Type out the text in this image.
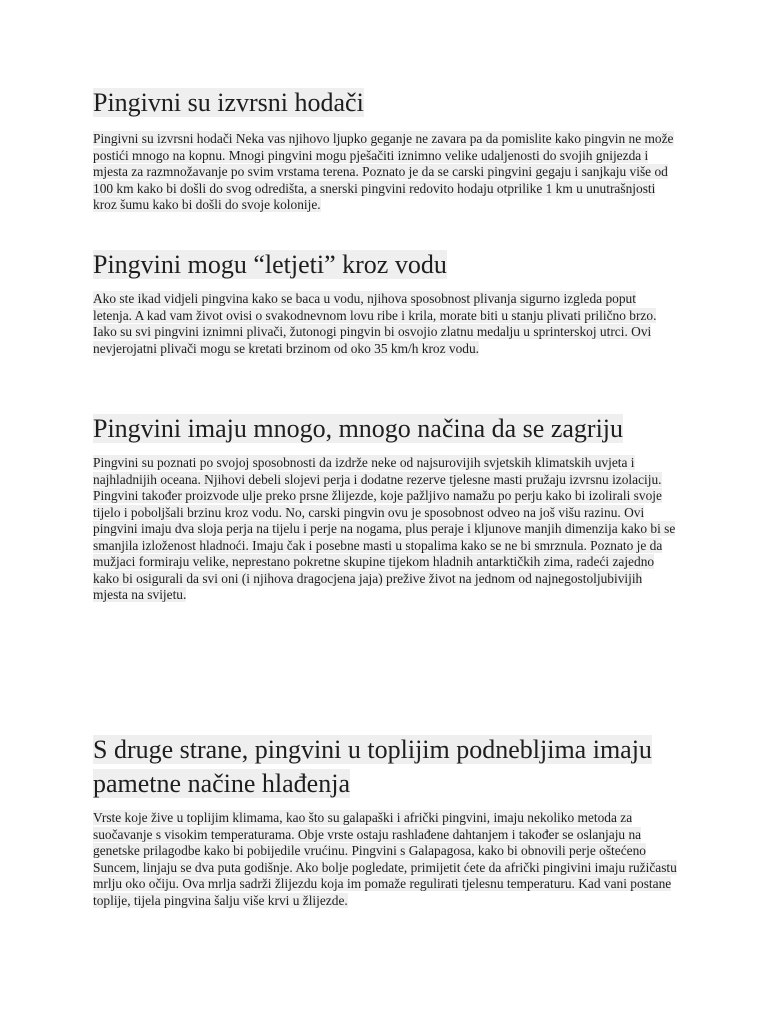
Pingivni su izvrsni hodači

Pingivni su izvrsni hodači Neka vas njihovo ljupko geganje ne zavara pa da pomislite kako pingvin ne može postići mnogo na kopnu. Mnogi pingvini mogu pješačiti iznimno velike udaljenosti do svojih gnijezda i mjesta za razmnožavanje po svim vrstama terena. Poznato je da se carski pingvini gegaju i sanjkaju više od 100 km kako bi došli do svog odredišta, a snerski pingvini redovito hodaju otprilike 1 km u unutrašnjosti kroz šumu kako bi došli do svoje kolonije.

Pingvini mogu “letjeti” kroz vodu

Ako ste ikad vidjeli pingvina kako se baca u vodu, njihova sposobnost plivanja sigurno izgleda poput letenja. A kad vam život ovisi o svakodnevnom lovu ribe i krila, morate biti u stanju plivati prilično brzo. Iako su svi pingvini iznimni plivači, žutonogi pingvin bi osvojio zlatnu medalju u sprinterskoj utrci. Ovi nevjerojatni plivači mogu se kretati brzinom od oko 35 km/h kroz vodu.

Pingvini imaju mnogo, mnogo načina da se zagriju

Pingvini su poznati po svojoj sposobnosti da izdrže neke od najsurovijih svjetskih klimatskih uvjeta i najhladnijih oceana. Njihovi debeli slojevi perja i dodatne rezerve tjelesne masti pružaju izvrsnu izolaciju. Pingvini također proizvode ulje preko prsne žlijezde, koje pažljivo namažu po perju kako bi izolirali svoje tijelo i poboljšali brzinu kroz vodu. No, carski pingvin ovu je sposobnost odveo na još višu razinu. Ovi pingvini imaju dva sloja perja na tijelu i perje na nogama, plus peraje i kljunove manjih dimenzija kako bi se smanjila izloženost hladnoći. Imaju čak i posebne masti u stopalima kako se ne bi smrznula. Poznato je da mužjaci formiraju velike, neprestano pokretne skupine tijekom hladnih antarktičkih zima, radeći zajedno kako bi osigurali da svi oni (i njihova dragocjena jaja) prežive život na jednom od najnegostoljubivijih mjesta na svijetu.

S druge strane, pingvini u toplijim podnebljima imaju pametne načine hlađenja

Vrste koje žive u toplijim klimama, kao što su galapaški i afrički pingvini, imaju nekoliko metoda za suočavanje s visokim temperaturama. Obje vrste ostaju rashlađene dahtanjem i također se oslanjaju na genetske prilagodbe kako bi pobijedile vrućinu. Pingvini s Galapagosa, kako bi obnovili perje oštećeno Suncem, linjaju se dva puta godišnje. Ako bolje pogledate, primijetit ćete da afrički pingivini imaju ružičastu mrlju oko očiju. Ova mrlja sadrži žlijezdu koja im pomaže regulirati tjelesnu temperaturu. Kad vani postane toplije, tijela pingvina šalju više krvi u žlijezde.
